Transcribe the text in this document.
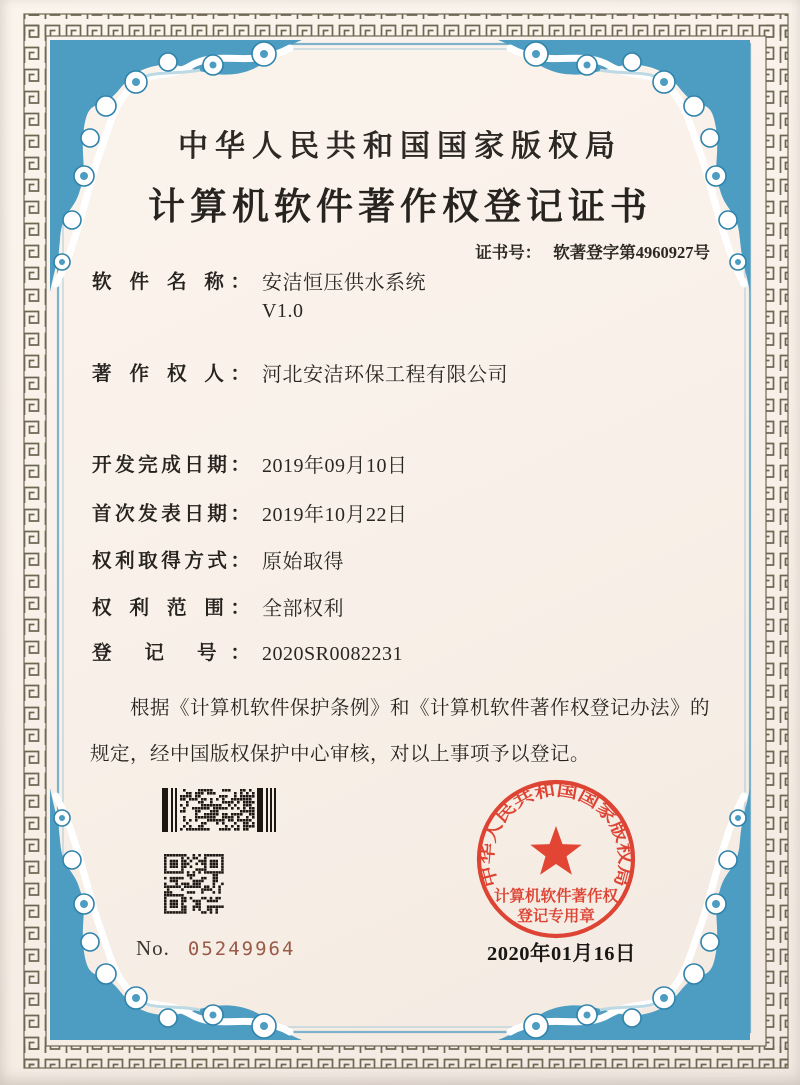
中华人民共和国国家版权局
计算机软件著作权登记证书
证书号： 软著登字第4960927号
软 件 名 称： 安洁恒压供水系统
V1.0
著 作 权 人： 河北安洁环保工程有限公司
开发完成日期： 2019年09月10日
首次发表日期： 2019年10月22日
权利取得方式： 原始取得
权 利 范 围： 全部权利
登 记 号： 2020SR0082231
根据《计算机软件保护条例》和《计算机软件著作权登记办法》的
规定，经中国版权保护中心审核，对以上事项予以登记。
No. 05249964
中华人民共和国国家版权局
计算机软件著作权
登记专用章
2020年01月16日
